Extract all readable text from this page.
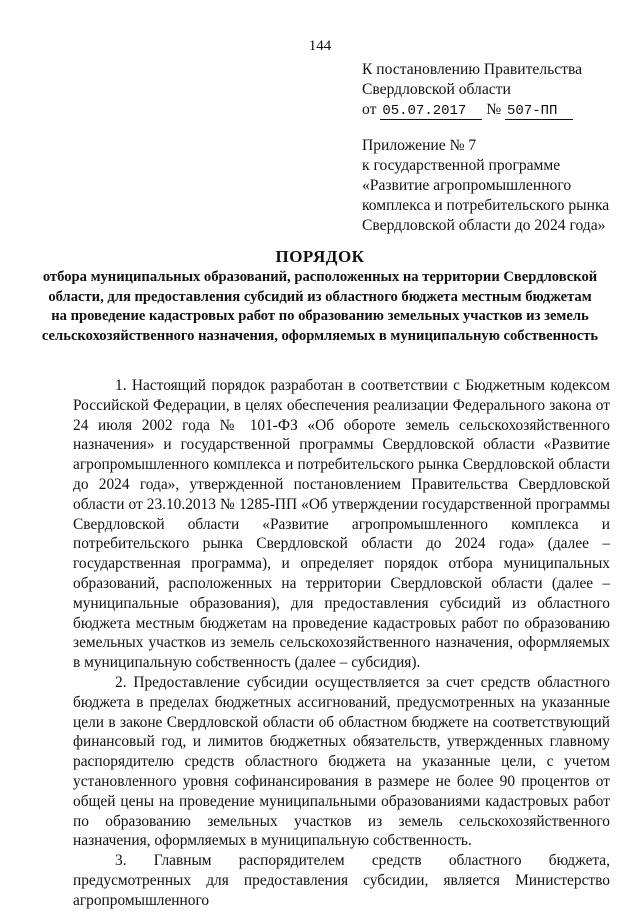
144
К постановлению Правительства
Свердловской области
от 05.07.2017 № 507-ПП
Приложение № 7
к государственной программе
«Развитие агропромышленного
комплекса и потребительского рынка
Свердловской области до 2024 года»
ПОРЯДОК
отбора муниципальных образований, расположенных на территории Свердловской области, для предоставления субсидий из областного бюджета местным бюджетам на проведение кадастровых работ по образованию земельных участков из земель сельскохозяйственного назначения, оформляемых в муниципальную собственность

1. Настоящий порядок разработан в соответствии с Бюджетным кодексом Российской Федерации, в целях обеспечения реализации Федерального закона от 24 июля 2002 года № 101-ФЗ «Об обороте земель сельскохозяйственного назначения» и государственной программы Свердловской области «Развитие агропромышленного комплекса и потребительского рынка Свердловской области до 2024 года», утвержденной постановлением Правительства Свердловской области от 23.10.2013 № 1285-ПП «Об утверждении государственной программы Свердловской области «Развитие агропромышленного комплекса и потребительского рынка Свердловской области до 2024 года» (далее – государственная программа), и определяет порядок отбора муниципальных образований, расположенных на территории Свердловской области (далее – муниципальные образования), для предоставления субсидий из областного бюджета местным бюджетам на проведение кадастровых работ по образованию земельных участков из земель сельскохозяйственного назначения, оформляемых в муниципальную собственность (далее – субсидия).

2. Предоставление субсидии осуществляется за счет средств областного бюджета в пределах бюджетных ассигнований, предусмотренных на указанные цели в законе Свердловской области об областном бюджете на соответствующий финансовый год, и лимитов бюджетных обязательств, утвержденных главному распорядителю средств областного бюджета на указанные цели, с учетом установленного уровня софинансирования в размере не более 90 процентов от общей цены на проведение муниципальными образованиями кадастровых работ по образованию земельных участков из земель сельскохозяйственного назначения, оформляемых в муниципальную собственность.

3. Главным распорядителем средств областного бюджета, предусмотренных для предоставления субсидии, является Министерство агропромышленного
